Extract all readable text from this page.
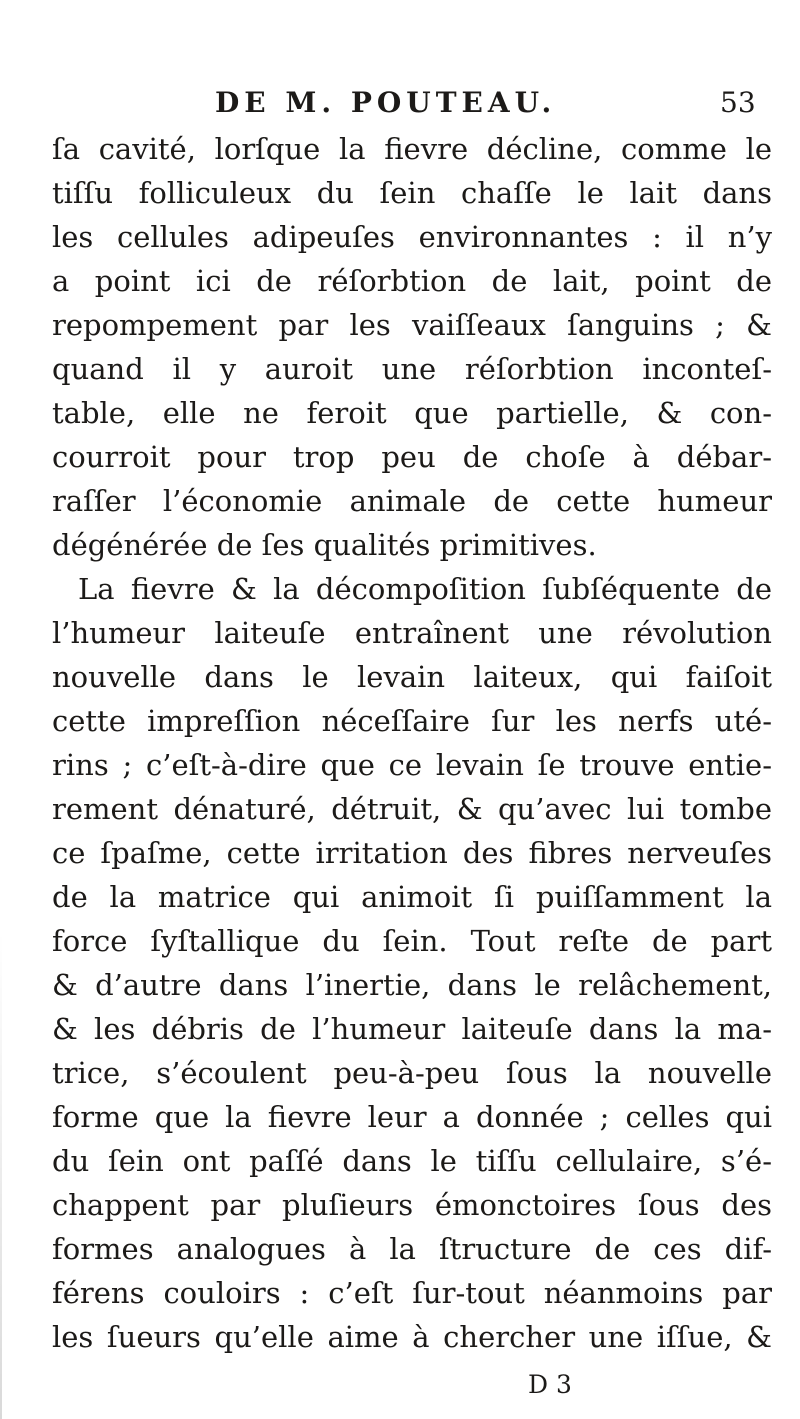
DE M. POUTEAU.	53
ſa cavité, lorſque la fievre décline, comme le
tiſſu folliculeux du ſein chaſſe le lait dans
les cellules adipeuſes environnantes : il n’y
a point ici de réſorbtion de lait, point de
repompement par les vaiſſeaux ſanguins ; &
quand il y auroit une réſorbtion inconteſ-
table, elle ne feroit que partielle, & con-
courroit pour trop peu de choſe à débar-
raſſer l’économie animale de cette humeur
dégénérée de ſes qualités primitives.
La fievre & la décompoſition ſubſéquente de
l’humeur laiteuſe entraînent une révolution
nouvelle dans le levain laiteux, qui faiſoit
cette impreſſion néceſſaire ſur les nerfs uté-
rins ; c’eſt-à-dire que ce levain ſe trouve entie-
rement dénaturé, détruit, & qu’avec lui tombe
ce ſpaſme, cette irritation des fibres nerveuſes
de la matrice qui animoit ſi puiſſamment la
force ſyſtallique du ſein. Tout reſte de part
& d’autre dans l’inertie, dans le relâchement,
& les débris de l’humeur laiteuſe dans la ma-
trice, s’écoulent peu-à-peu ſous la nouvelle
forme que la fievre leur a donnée ; celles qui
du ſein ont paſſé dans le tiſſu cellulaire, s’é-
chappent par pluſieurs émonctoires ſous des
formes analogues à la ſtructure de ces dif-
férens couloirs : c’eſt ſur-tout néanmoins par
les ſueurs qu’elle aime à chercher une iſſue, &
D 3
